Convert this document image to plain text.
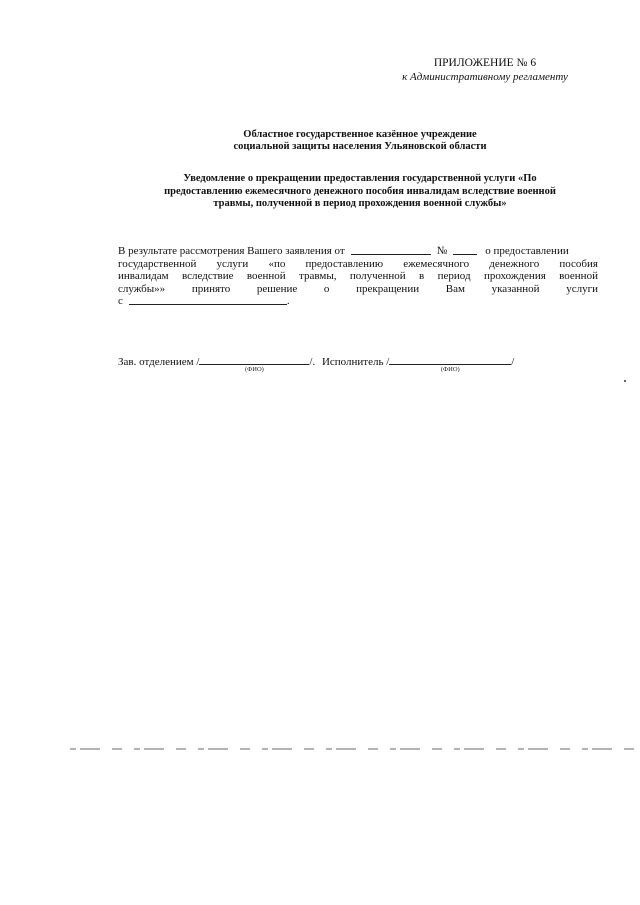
ПРИЛОЖЕНИЕ № 6
к Административному регламенту
Областное государственное казённое учреждение
социальной защиты населения Ульяновской области
Уведомление о прекращении предоставления государственной услуги «По
предоставлению ежемесячного денежного пособия инвалидам вследствие военной
травмы, полученной в период прохождения военной службы»
В результате рассмотрения Вашего заявления от	№	о предоставлении
государственной услуги «по предоставлению ежемесячного денежного пособия
инвалидам вследствие военной травмы, полученной в период прохождения военной
службы»» принято решение о прекращении Вам указанной услуги
с	.
Зав. отделением /
(ФИО)
/. Исполнитель /
(ФИО)
/
